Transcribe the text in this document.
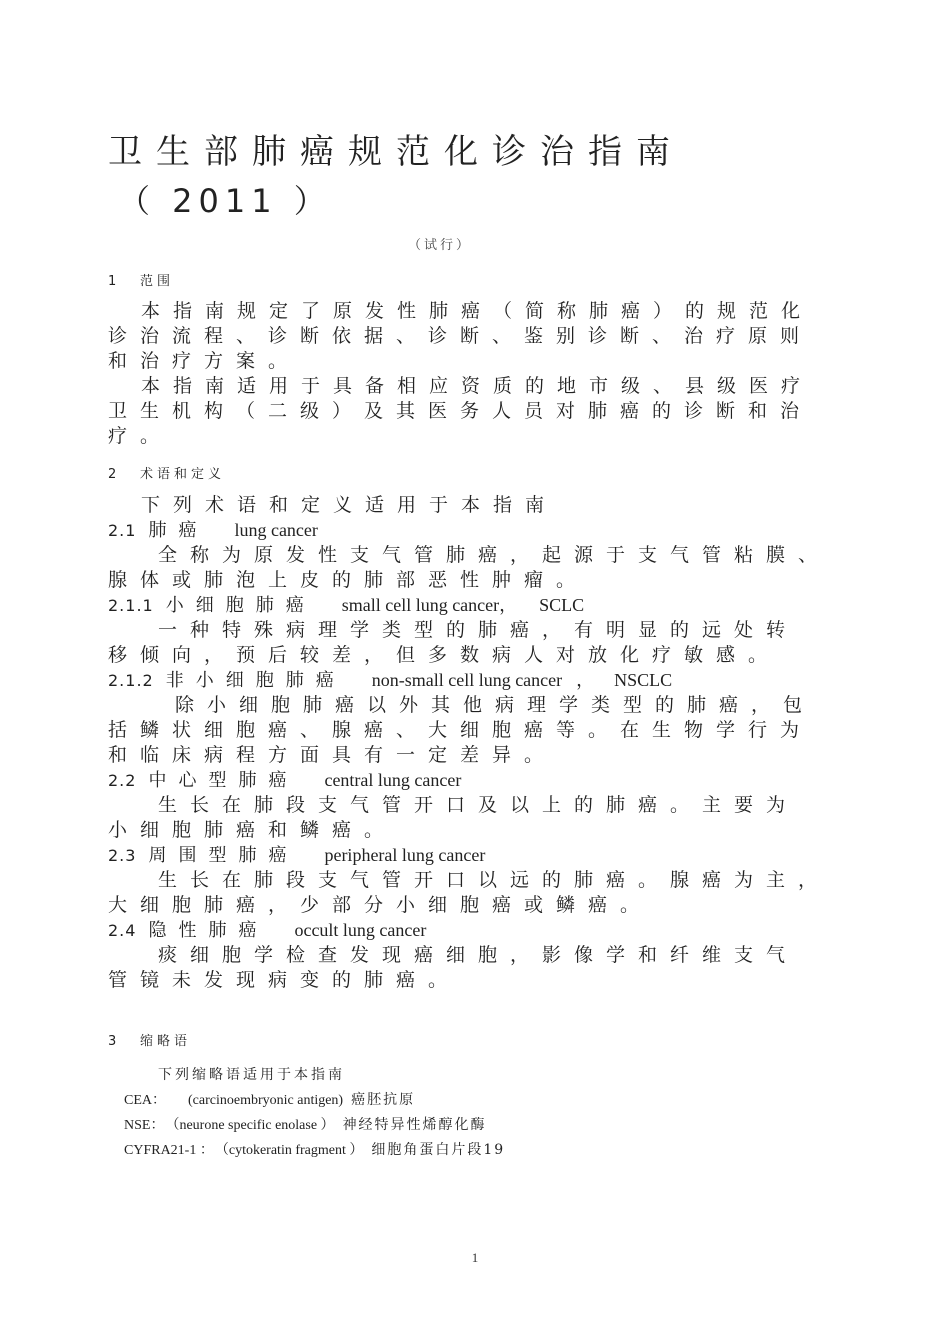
卫生部肺癌规范化诊治指南
（ 2011 ）
（试行）
1 范围
本指南规定了原发性肺癌（简称肺癌）的规范化
诊治流程、诊断依据、诊断、鉴别诊断、治疗原则
和治疗方案。
本指南适用于具备相应资质的地市级、县级医疗
卫生机构（二级）及其医务人员对肺癌的诊断和治
疗。
2 术语和定义
下列术语和定义适用于本指南
2.1 肺癌 lung cancer
全称为原发性支气管肺癌，起源于支气管粘膜、
腺体或肺泡上皮的肺部恶性肿瘤。
2.1.1 小细胞肺癌 small cell lung cancer， SCLC
一种特殊病理学类型的肺癌，有明显的远处转
移倾向，预后较差，但多数病人对放化疗敏感。
2.1.2 非小细胞肺癌 non-small cell lung cancer ， NSCLC
除小细胞肺癌以外其他病理学类型的肺癌，包
括鳞状细胞癌、腺癌、大细胞癌等。在生物学行为
和临床病程方面具有一定差异。
2.2 中心型肺癌 central lung cancer
生长在肺段支气管开口及以上的肺癌。主要为
小细胞肺癌和鳞癌。
2.3 周围型肺癌 peripheral lung cancer
生长在肺段支气管开口以远的肺癌。腺癌为主，
大细胞肺癌，少部分小细胞癌或鳞癌。
2.4 隐性肺癌 occult lung cancer
痰细胞学检查发现癌细胞，影像学和纤维支气
管镜未发现病变的肺癌。
3 缩略语
下列缩略语适用于本指南
CEA： (carcinoembryonic antigen) 癌胚抗原
NSE： （neurone specific enolase ） 神经特异性烯醇化酶
CYFRA21-1 ： （cytokeratin fragment ） 细胞角蛋白片段19
1
